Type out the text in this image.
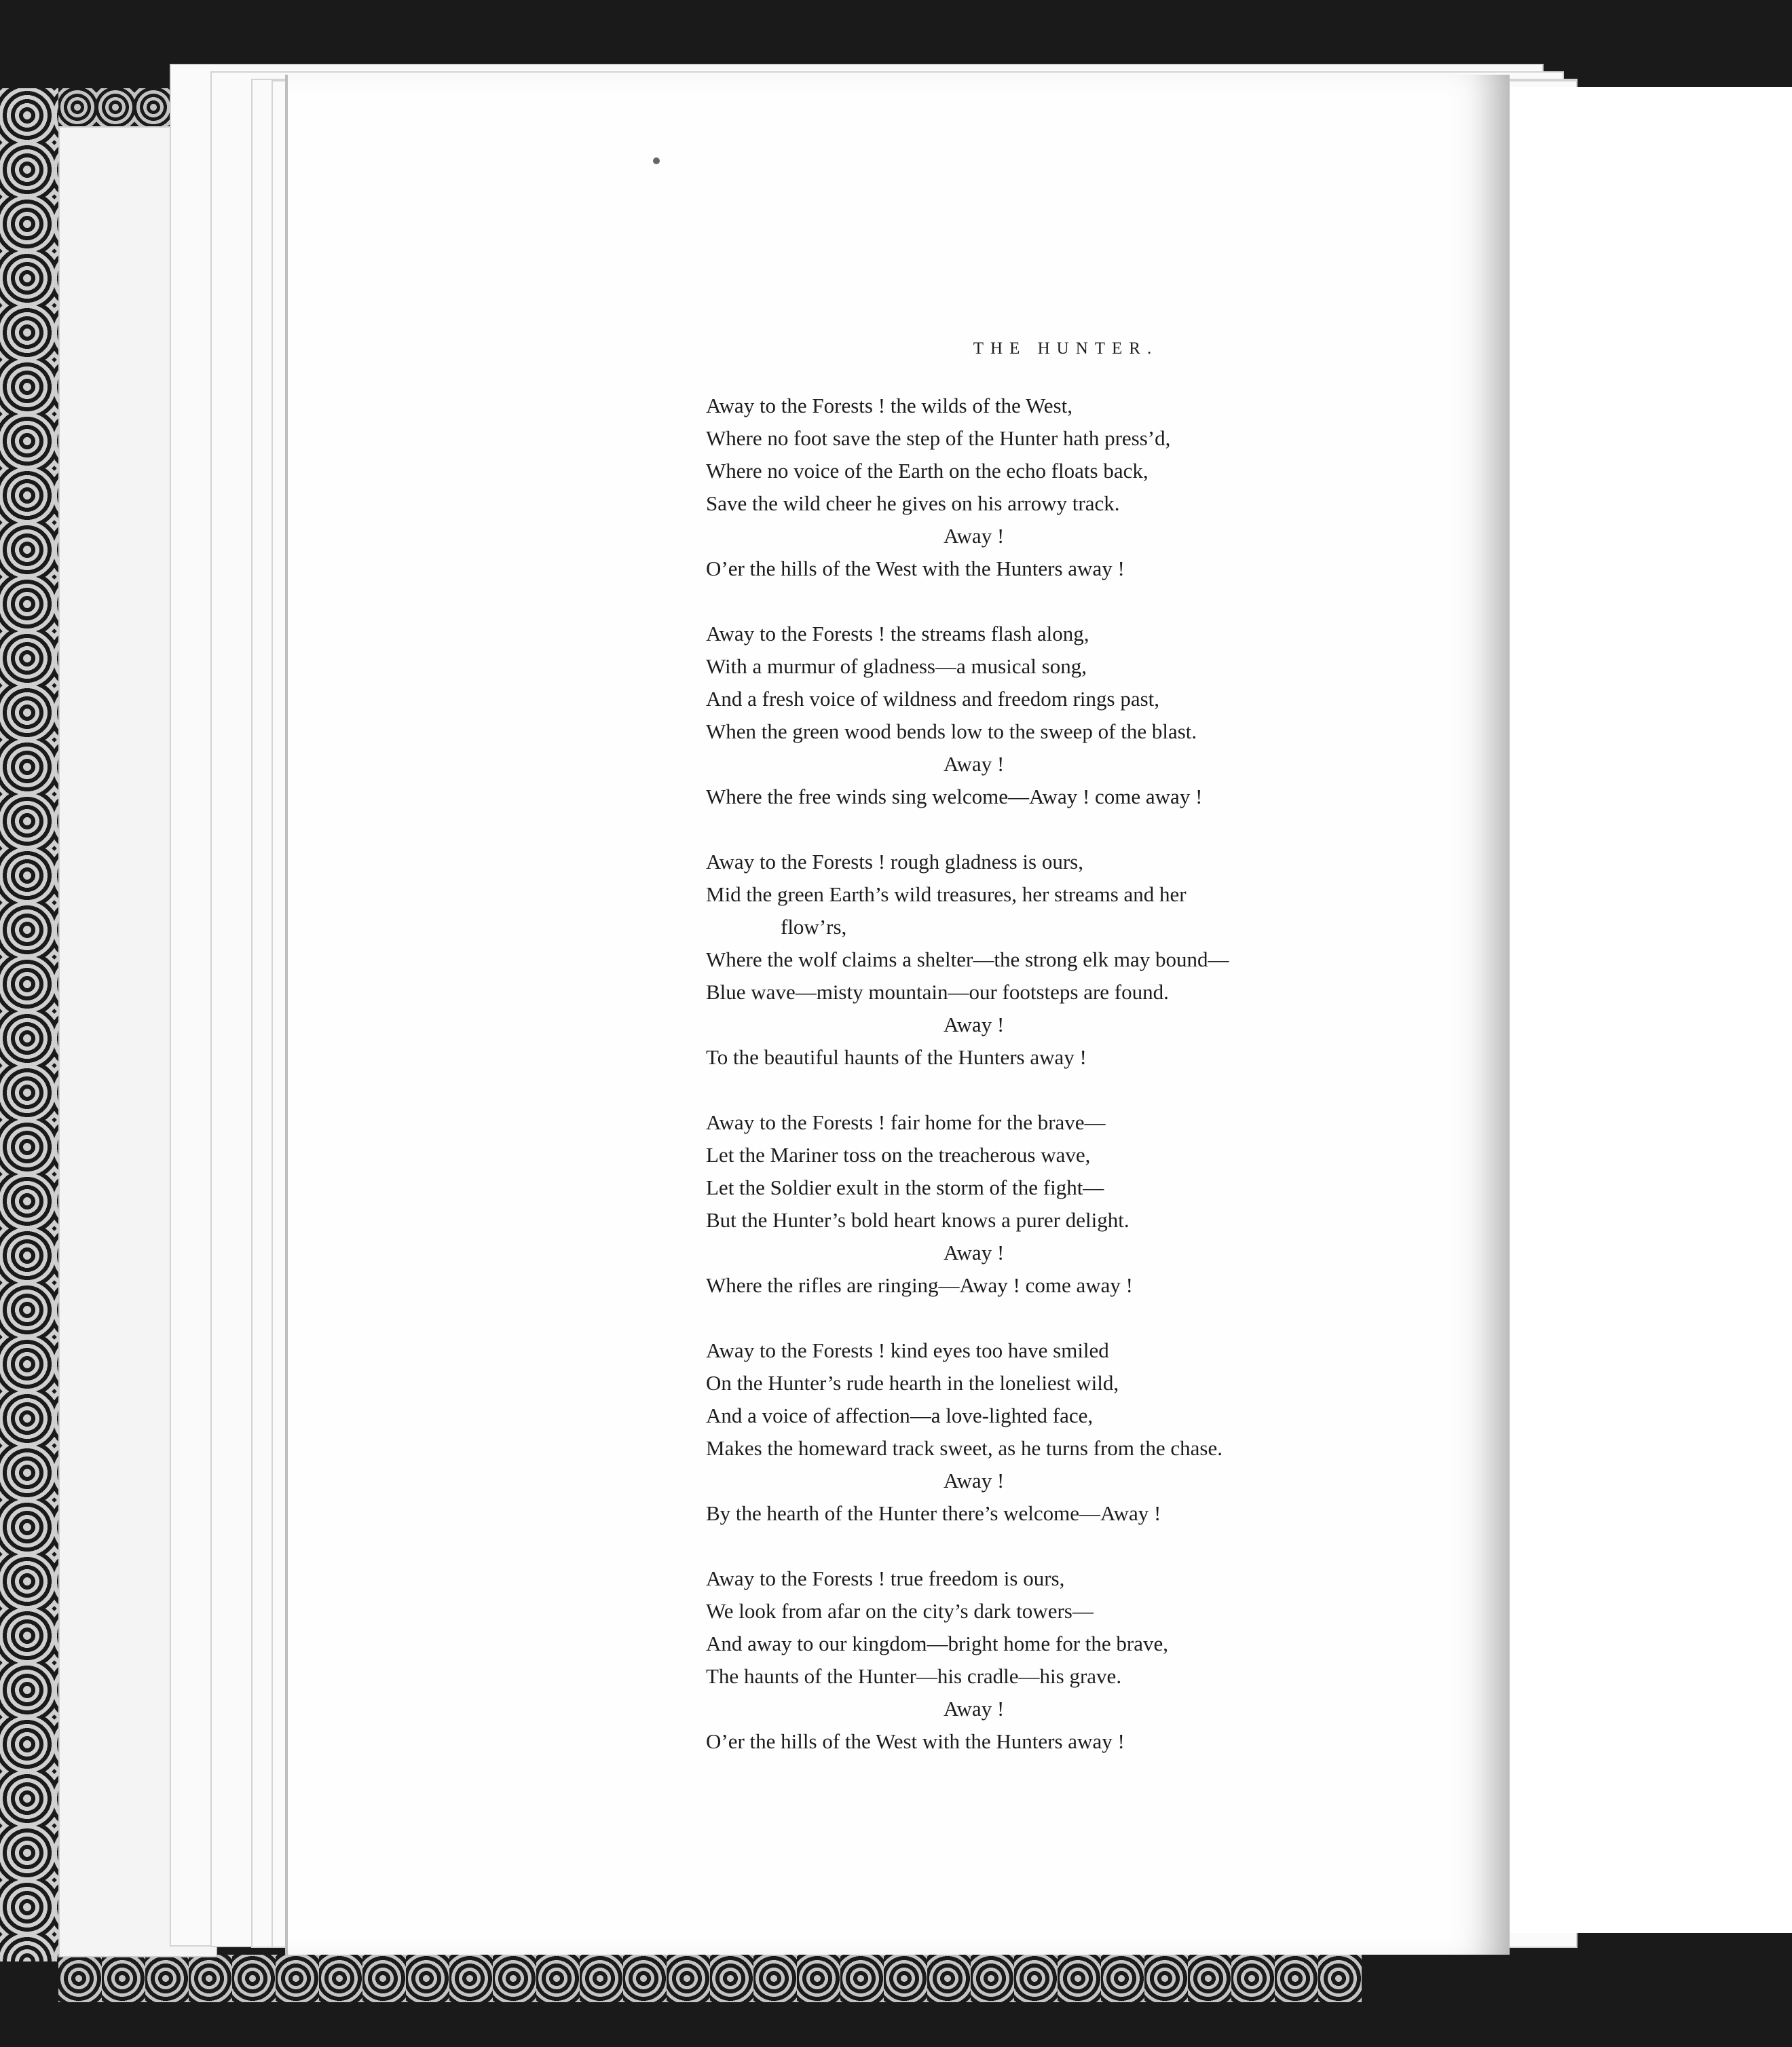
THE HUNTER.
Away to the Forests ! the wilds of the West,
Where no foot save the step of the Hunter hath press’d,
Where no voice of the Earth on the echo floats back,
Save the wild cheer he gives on his arrowy track.
Away !
O’er the hills of the West with the Hunters away !
Away to the Forests ! the streams flash along,
With a murmur of gladness—a musical song,
And a fresh voice of wildness and freedom rings past,
When the green wood bends low to the sweep of the blast.
Away !
Where the free winds sing welcome—Away ! come away !
Away to the Forests ! rough gladness is ours,
Mid the green Earth’s wild treasures, her streams and her
flow’rs,
Where the wolf claims a shelter—the strong elk may bound—
Blue wave—misty mountain—our footsteps are found.
Away !
To the beautiful haunts of the Hunters away !
Away to the Forests ! fair home for the brave—
Let the Mariner toss on the treacherous wave,
Let the Soldier exult in the storm of the fight—
But the Hunter’s bold heart knows a purer delight.
Away !
Where the rifles are ringing—Away ! come away !
Away to the Forests ! kind eyes too have smiled
On the Hunter’s rude hearth in the loneliest wild,
And a voice of affection—a love-lighted face,
Makes the homeward track sweet, as he turns from the chase.
Away !
By the hearth of the Hunter there’s welcome—Away !
Away to the Forests ! true freedom is ours,
We look from afar on the city’s dark towers—
And away to our kingdom—bright home for the brave,
The haunts of the Hunter—his cradle—his grave.
Away !
O’er the hills of the West with the Hunters away !
